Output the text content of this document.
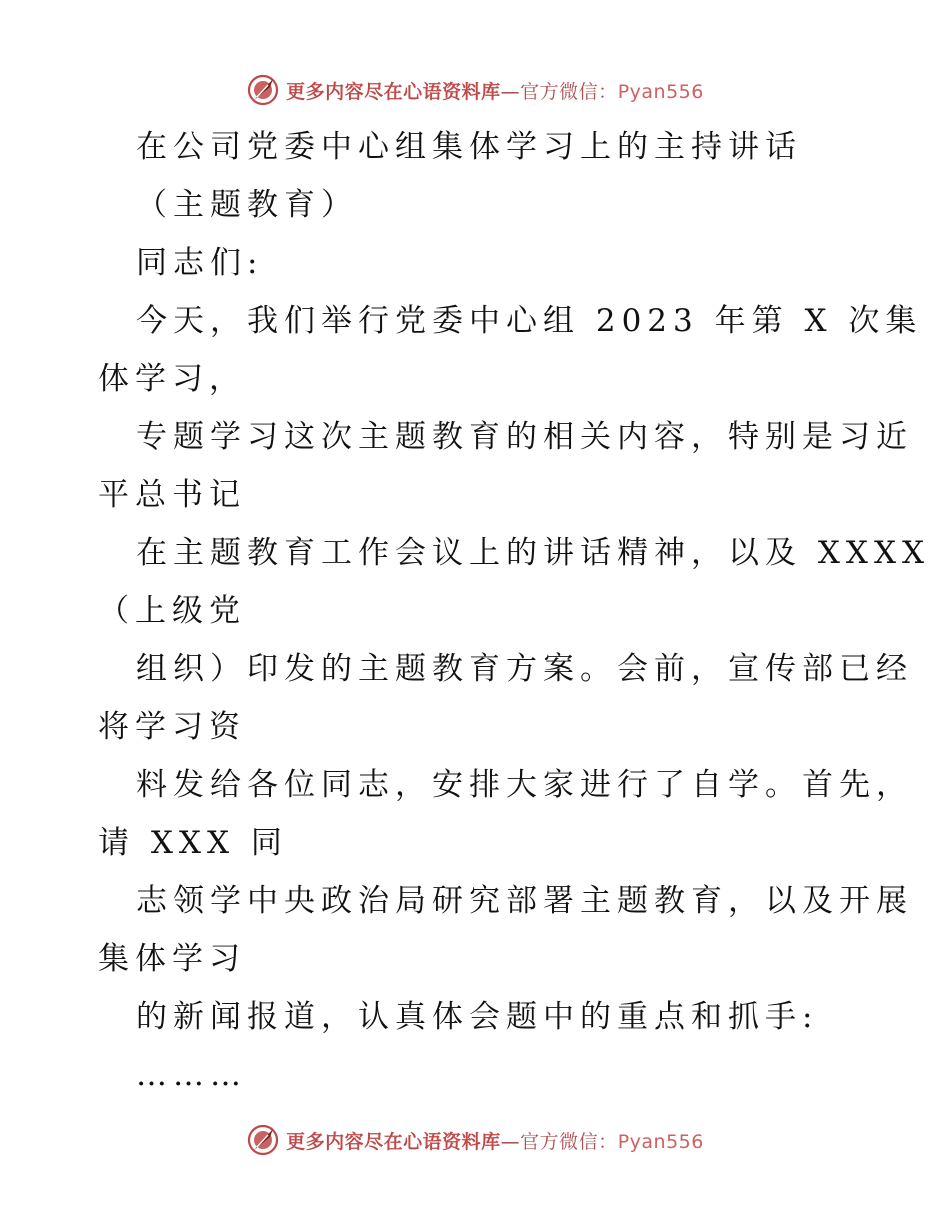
更多内容尽在心语资料库—官方微信：Pyan556
在公司党委中心组集体学习上的主持讲话
（主题教育）
同志们:
今天，我们举行党委中心组 2023 年第 X 次集
体学习，
专题学习这次主题教育的相关内容，特别是习近
平总书记
在主题教育工作会议上的讲话精神，以及 XXXX
（上级党
组织）印发的主题教育方案。会前，宣传部已经
将学习资
料发给各位同志，安排大家进行了自学。首先，
请 XXX 同
志领学中央政治局研究部署主题教育，以及开展
集体学习
的新闻报道，认真体会题中的重点和抓手:
………
更多内容尽在心语资料库—官方微信：Pyan556
